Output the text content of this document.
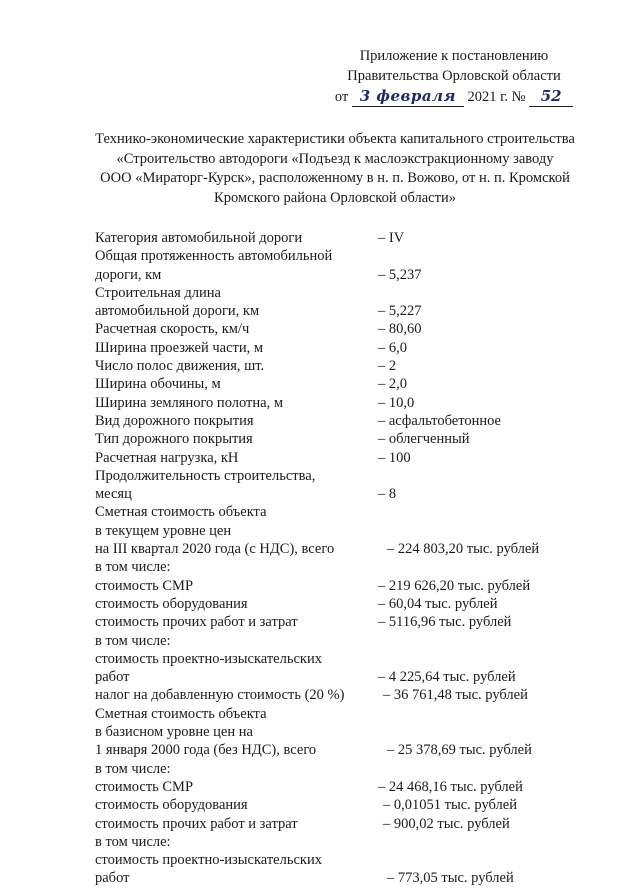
Приложение к постановлению
Правительства Орловской области
от 3 февраля 2021 г. № 52
Технико-экономические характеристики объекта капитального строительства
«Строительство автодороги «Подъезд к маслоэкстракционному заводу
ООО «Мираторг-Курск», расположенному в н. п. Вожово, от н. п. Кромской
Кромского района Орловской области»
Категория автомобильной дороги	– IV
Общая протяженность автомобильной
дороги, км	– 5,237
Строительная длина
автомобильной дороги, км	– 5,227
Расчетная скорость, км/ч	– 80,60
Ширина проезжей части, м	– 6,0
Число полос движения, шт.	– 2
Ширина обочины, м	– 2,0
Ширина земляного полотна, м	– 10,0
Вид дорожного покрытия	– асфальтобетонное
Тип дорожного покрытия	– облегченный
Расчетная нагрузка, кН	– 100
Продолжительность строительства,
месяц	– 8
Сметная стоимость объекта
в текущем уровне цен
на III квартал 2020 года (с НДС), всего	– 224 803,20 тыс. рублей
в том числе:
стоимость СМР	– 219 626,20 тыс. рублей
стоимость оборудования	– 60,04 тыс. рублей
стоимость прочих работ и затрат	– 5116,96 тыс. рублей
в том числе:
стоимость проектно-изыскательских
работ	– 4 225,64 тыс. рублей
налог на добавленную стоимость (20 %)	– 36 761,48 тыс. рублей
Сметная стоимость объекта
в базисном уровне цен на
1 января 2000 года (без НДС), всего	– 25 378,69 тыс. рублей
в том числе:
стоимость СМР	– 24 468,16 тыс. рублей
стоимость оборудования	– 0,01051 тыс. рублей
стоимость прочих работ и затрат	– 900,02 тыс. рублей
в том числе:
стоимость проектно-изыскательских
работ	– 773,05 тыс. рублей
